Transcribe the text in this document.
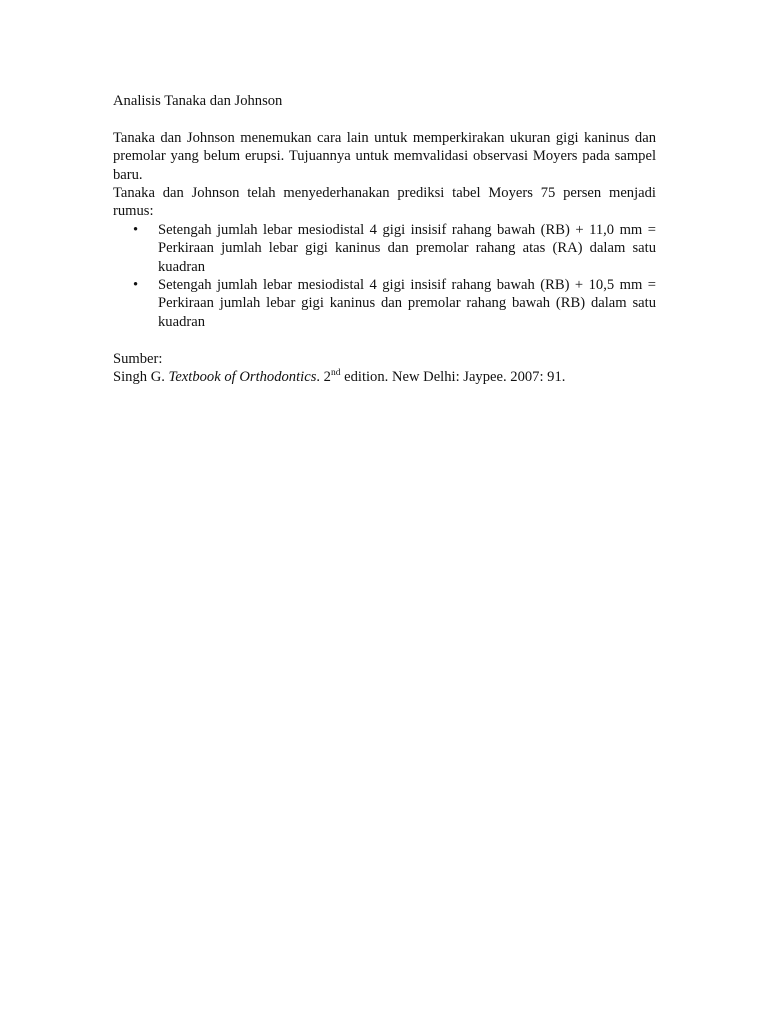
Analisis Tanaka dan Johnson

Tanaka dan Johnson menemukan cara lain untuk memperkirakan ukuran gigi kaninus dan premolar yang belum erupsi. Tujuannya untuk memvalidasi observasi Moyers pada sampel baru.

Tanaka dan Johnson telah menyederhanakan prediksi tabel Moyers 75 persen menjadi rumus:

• Setengah jumlah lebar mesiodistal 4 gigi insisif rahang bawah (RB) + 11,0 mm = Perkiraan jumlah lebar gigi kaninus dan premolar rahang atas (RA) dalam satu kuadran
• Setengah jumlah lebar mesiodistal 4 gigi insisif rahang bawah (RB) + 10,5 mm = Perkiraan jumlah lebar gigi kaninus dan premolar rahang bawah (RB) dalam satu kuadran

Sumber:

Singh G. Textbook of Orthodontics. 2nd edition. New Delhi: Jaypee. 2007: 91.
